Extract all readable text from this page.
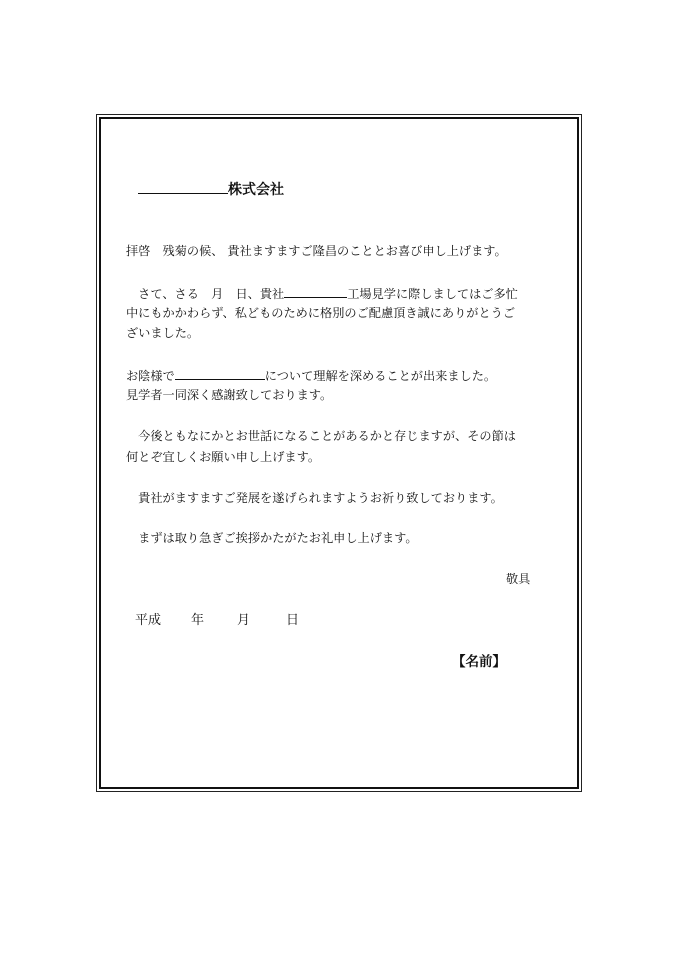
株式会社
拝啓　残菊の候、 貴社ますますご隆昌のこととお喜び申し上げます。
　さて、さる　月　日、貴社	工場見学に際しましてはご多忙
中にもかかわらず、私どものために格別のご配慮頂き誠にありがとうご
ざいました。
お陰様で	について理解を深めることが出来ました。
見学者一同深く感謝致しております。
　今後ともなにかとお世話になることがあるかと存じますが、その節は
何とぞ宜しくお願い申し上げます。
　貴社がますますご発展を遂げられますようお祈り致しております。
　まずは取り急ぎご挨拶かたがたお礼申し上げます。
敬具
平成 年	月	日
【名前】
